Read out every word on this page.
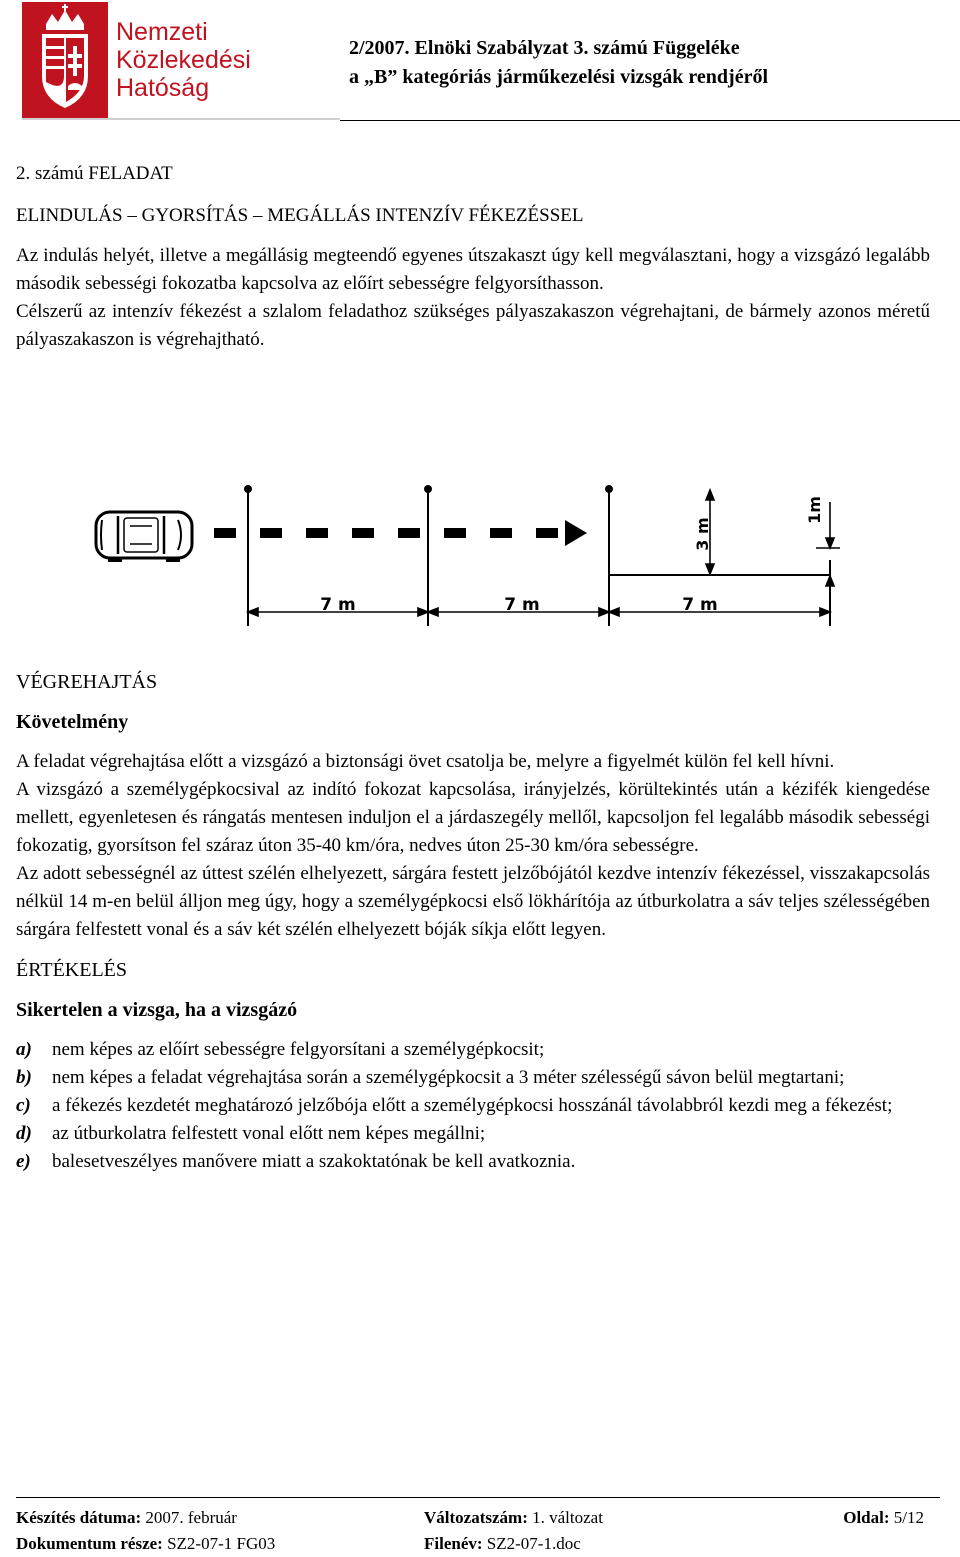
Nemzeti
Közlekedési
Hatóság
2/2007. Elnöki Szabályzat 3. számú Függeléke
a „B” kategóriás járműkezelési vizsgák rendjéről

2. számú FELADAT

ELINDULÁS – GYORSÍTÁS – MEGÁLLÁS INTENZÍV FÉKEZÉSSEL

Az indulás helyét, illetve a megállásig megteendő egyenes útszakaszt úgy kell megválasztani, hogy a vizsgázó legalább második sebességi fokozatba kapcsolva az előírt sebességre felgyorsíthasson.

Célszerű az intenzív fékezést a szlalom feladathoz szükséges pályaszakaszon végrehajtani, de bármely azonos méretű pályaszakaszon is végrehajtható.

3 m
1m
7 m	7 m	7 m

VÉGREHAJTÁS

Követelmény

A feladat végrehajtása előtt a vizsgázó a biztonsági övet csatolja be, melyre a figyelmét külön fel kell hívni.

A vizsgázó a személygépkocsival az indító fokozat kapcsolása, irányjelzés, körültekintés után a kézifék kiengedése mellett, egyenletesen és rángatás mentesen induljon el a járdaszegély mellől, kapcsoljon fel legalább második sebességi fokozatig, gyorsítson fel száraz úton 35-40 km/óra, nedves úton 25-30 km/óra sebességre.

Az adott sebességnél az úttest szélén elhelyezett, sárgára festett jelzőbójától kezdve intenzív fékezéssel, visszakapcsolás nélkül 14 m-en belül álljon meg úgy, hogy a személygépkocsi első lökhárítója az útburkolatra a sáv teljes szélességében sárgára felfestett vonal és a sáv két szélén elhelyezett bóják síkja előtt legyen.

ÉRTÉKELÉS

Sikertelen a vizsga, ha a vizsgázó

a) nem képes az előírt sebességre felgyorsítani a személygépkocsit;
b) nem képes a feladat végrehajtása során a személygépkocsit a 3 méter szélességű sávon belül megtartani;
c) a fékezés kezdetét meghatározó jelzőbója előtt a személygépkocsi hosszánál távolabbról kezdi meg a fékezést;
d) az útburkolatra felfestett vonal előtt nem képes megállni;
e) balesetveszélyes manővere miatt a szakoktatónak be kell avatkoznia.
Készítés dátuma: 2007. február	Változatszám: 1. változat	Oldal: 5/12
Dokumentum része: SZ2-07-1 FG03	Filenév: SZ2-07-1.doc
